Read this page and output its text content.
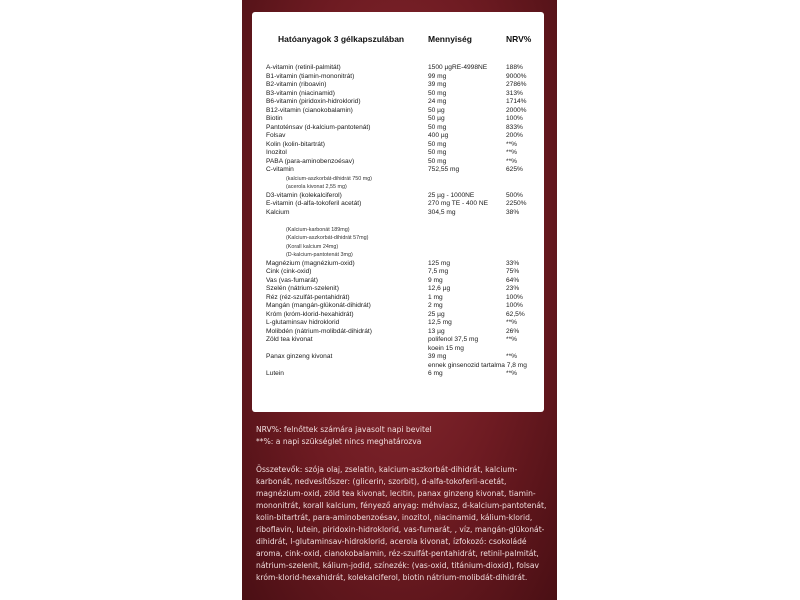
Hatóanyagok 3 gélkapszulában	Mennyiség	NRV%
A-vitamin (retinil-palmitát)	1500 µgRE-4998NE	188%
B1-vitamin (tiamin-mononitrát)	99 mg	9000%
B2-vitamin (riboavin)	39 mg	2786%
B3-vitamin (niacinamid)	50 mg	313%
B6-vitamin (piridoxin-hidroklorid)	24 mg	1714%
B12-vitamin (cianokobalamin)	50 µg	2000%
Biotin	50 µg	100%
Pantoténsav (d-kalcium-pantotenát)	50 mg	833%
Folsav	400 µg	200%
Kolin (kolin-bitartrát)	50 mg	**%
Inozitol	50 mg	**%
PABA (para-aminobenzoésav)	50 mg	**%
C-vitamin	752,55 mg	625%
(kalcium-aszkorbát-dihidrát 750 mg)
(acerola kivonat 2,55 mg)
D3-vitamin (kolekalciferol)	25 µg - 1000NE	500%
E-vitamin (d-alfa-tokoferil acetát)	270 mg TE - 400 NE	2250%
Kalcium	304,5 mg	38%
(Kalcium-karbonát 189mg)
(Kalcium-aszkorbát-dihidrát 57mg)
(Korall kalcium 24mg)
(D-kalcium-pantotenát 3mg)
Magnézium (magnézium-oxid)	125 mg	33%
Cink (cink-oxid)	7,5 mg	75%
Vas (vas-fumarát)	9 mg	64%
Szelén (nátrium-szelenit)	12,6 µg	23%
Réz (réz-szulfát-pentahidrát)	1 mg	100%
Mangán (mangán-glükonát-dihidrát)	2 mg	100%
Króm (króm-klorid-hexahidrát)	25 µg	62,5%
L-glutaminsav hidroklorid	12,5 mg	**%
Molibdén (nátrium-molibdát-dihidrát)	13 µg	26%
Zöld tea kivonat	polifenol 37,5 mg	**%
koein 15 mg
Panax ginzeng kivonat	39 mg	**%
ennek ginsenozid tartalma 7,8 mg
Lutein	6 mg	**%
NRV%: felnőttek számára javasolt napi bevitel
**%: a napi szükséglet nincs meghatározva
Összetevők: szója olaj, zselatin, kalcium-aszkorbát-dihidrát, kalcium-karbonát, nedvesítőszer: (glicerin, szorbit), d-alfa-tokoferil-acetát, magnézium-oxid, zöld tea kivonat, lecitin, panax ginzeng kivonat, tiamin-mononitrát, korall kalcium, fényező anyag: méhviasz, d-kalcium-pantotenát, kolin-bitartrát, para-aminobenzoésav, inozitol, niacinamid, kálium-klorid, riboflavin, lutein, piridoxin-hidroklorid, vas-fumarát, , víz, mangán-glükonát-dihidrát, l-glutaminsav-hidroklorid, acerola kivonat, ízfokozó: csokoládé aroma, cink-oxid, cianokobalamin, réz-szulfát-pentahidrát, retinil-palmitát, nátrium-szelenit, kálium-jodid, színezék: (vas-oxid, titánium-dioxid), folsav króm-klorid-hexahidrát, kolekalciferol, biotin nátrium-molibdát-dihidrát.
